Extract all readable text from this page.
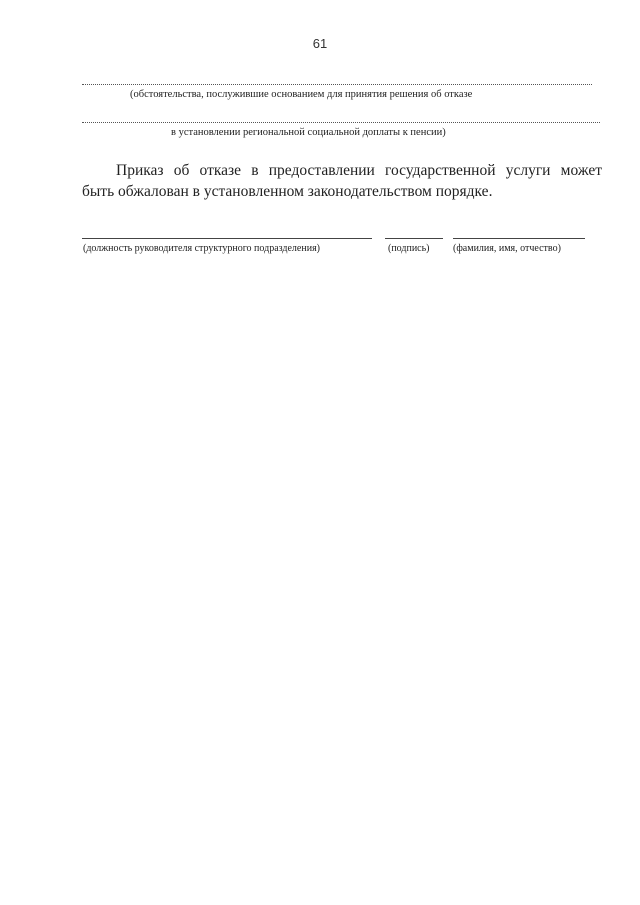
61
(обстоятельства, послужившие основанием для принятия решения об отказе
в установлении региональной социальной доплаты к пенсии)
Приказ об отказе в предоставлении государственной услуги может
быть обжалован в установленном законодательством порядке.
(должность руководителя структурного подразделения)	(подпись) (фамилия, имя, отчество)
